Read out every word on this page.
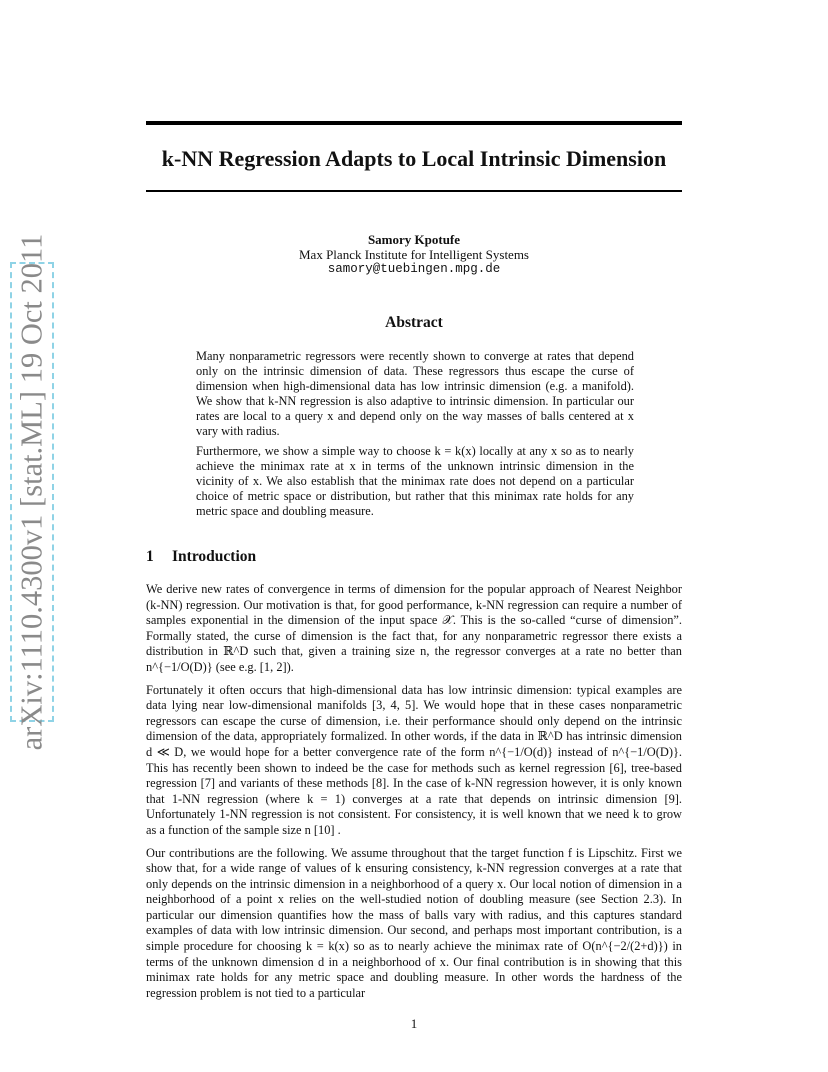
arXiv:1110.4300v1 [stat.ML] 19 Oct 2011
k-NN Regression Adapts to Local Intrinsic Dimension
Samory Kpotufe
Max Planck Institute for Intelligent Systems
samory@tuebingen.mpg.de
Abstract

Many nonparametric regressors were recently shown to converge at rates that depend only on the intrinsic dimension of data. These regressors thus escape the curse of dimension when high-dimensional data has low intrinsic dimension (e.g. a manifold). We show that k-NN regression is also adaptive to intrinsic dimension. In particular our rates are local to a query x and depend only on the way masses of balls centered at x vary with radius.

Furthermore, we show a simple way to choose k = k(x) locally at any x so as to nearly achieve the minimax rate at x in terms of the unknown intrinsic dimension in the vicinity of x. We also establish that the minimax rate does not depend on a particular choice of metric space or distribution, but rather that this minimax rate holds for any metric space and doubling measure.

1 Introduction

We derive new rates of convergence in terms of dimension for the popular approach of Nearest Neighbor (k-NN) regression. Our motivation is that, for good performance, k-NN regression can require a number of samples exponential in the dimension of the input space 𝒳. This is the so-called “curse of dimension”. Formally stated, the curse of dimension is the fact that, for any nonparametric regressor there exists a distribution in ℝ^D such that, given a training size n, the regressor converges at a rate no better than n^{−1/O(D)} (see e.g. [1, 2]).

Fortunately it often occurs that high-dimensional data has low intrinsic dimension: typical examples are data lying near low-dimensional manifolds [3, 4, 5]. We would hope that in these cases nonparametric regressors can escape the curse of dimension, i.e. their performance should only depend on the intrinsic dimension of the data, appropriately formalized. In other words, if the data in ℝ^D has intrinsic dimension d ≪ D, we would hope for a better convergence rate of the form n^{−1/O(d)} instead of n^{−1/O(D)}. This has recently been shown to indeed be the case for methods such as kernel regression [6], tree-based regression [7] and variants of these methods [8]. In the case of k-NN regression however, it is only known that 1-NN regression (where k = 1) converges at a rate that depends on intrinsic dimension [9]. Unfortunately 1-NN regression is not consistent. For consistency, it is well known that we need k to grow as a function of the sample size n [10] .

Our contributions are the following. We assume throughout that the target function f is Lipschitz. First we show that, for a wide range of values of k ensuring consistency, k-NN regression converges at a rate that only depends on the intrinsic dimension in a neighborhood of a query x. Our local notion of dimension in a neighborhood of a point x relies on the well-studied notion of doubling measure (see Section 2.3). In particular our dimension quantifies how the mass of balls vary with radius, and this captures standard examples of data with low intrinsic dimension. Our second, and perhaps most important contribution, is a simple procedure for choosing k = k(x) so as to nearly achieve the minimax rate of O(n^{−2/(2+d)}) in terms of the unknown dimension d in a neighborhood of x. Our final contribution is in showing that this minimax rate holds for any metric space and doubling measure. In other words the hardness of the regression problem is not tied to a particular

1
